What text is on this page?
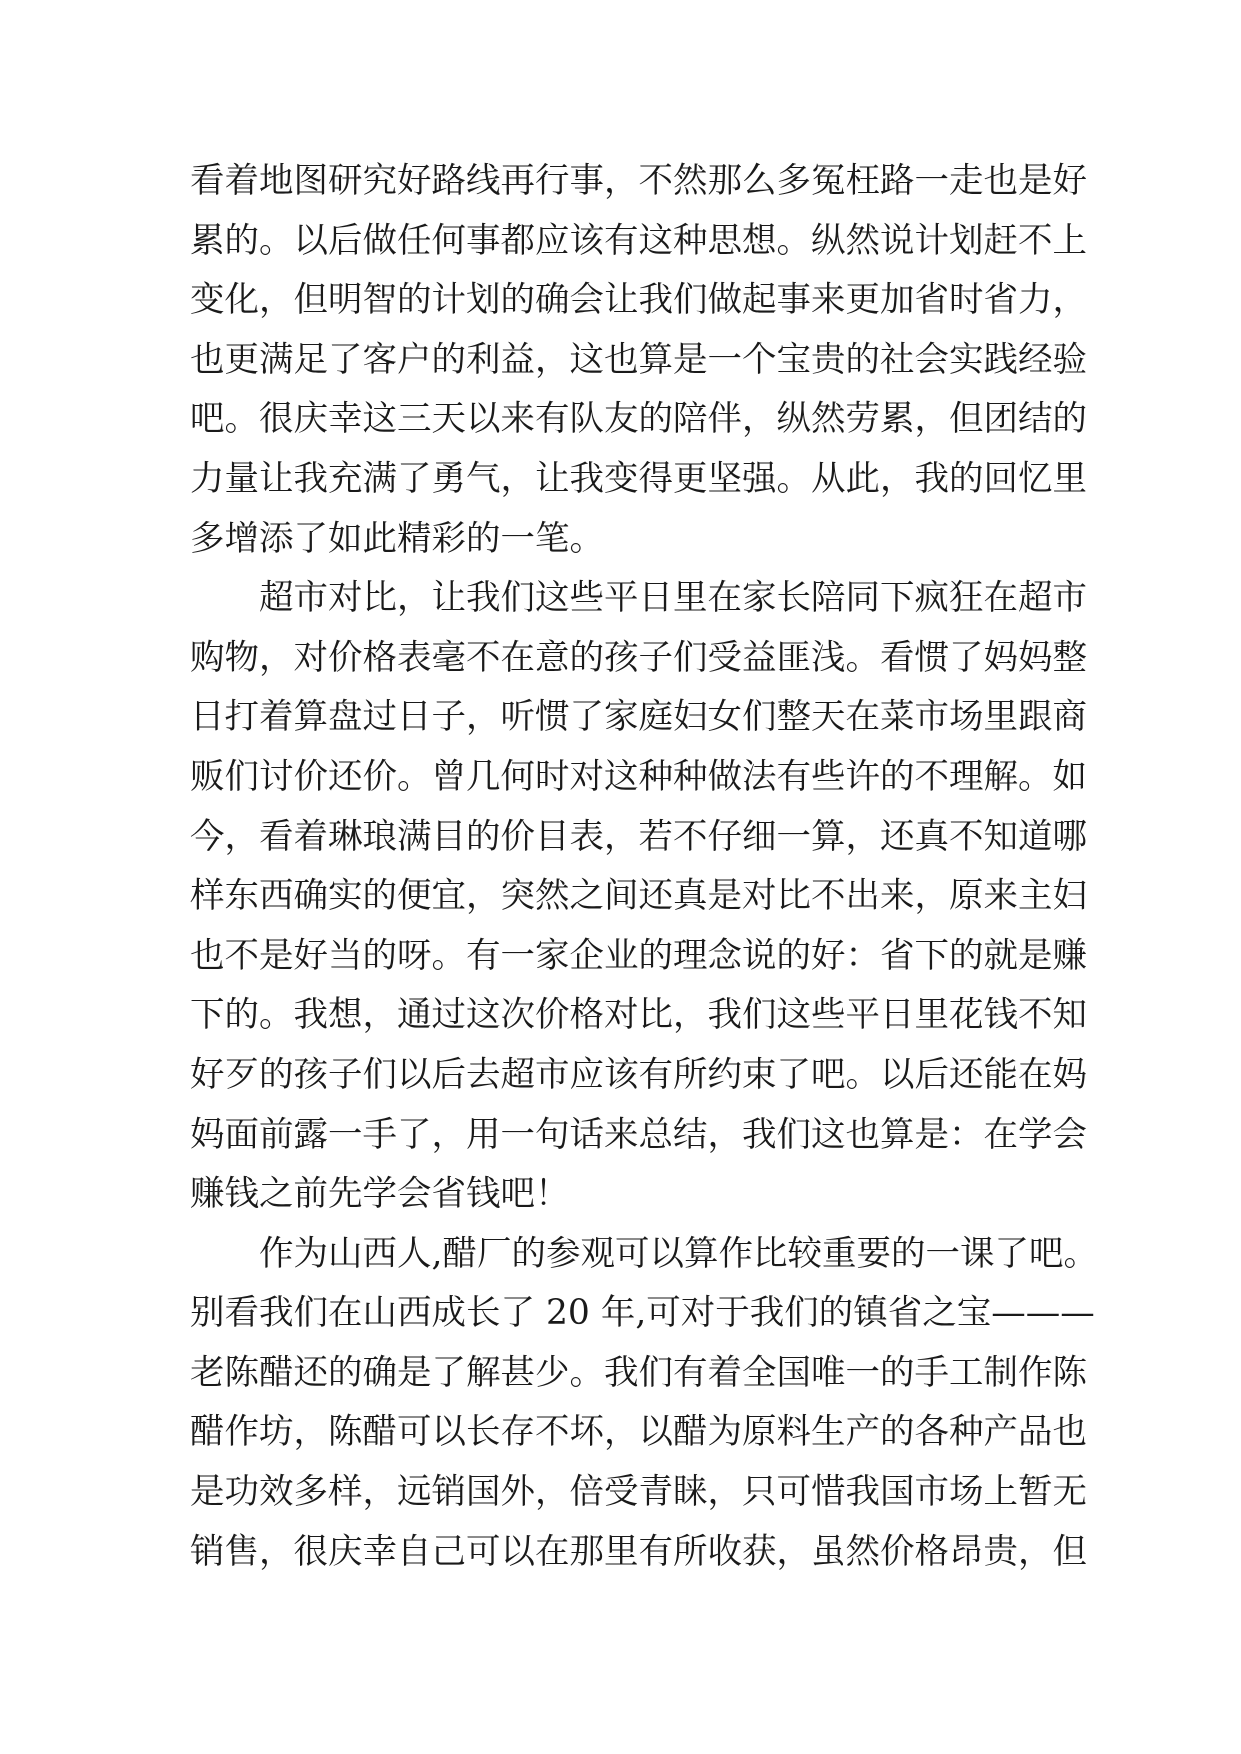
看着地图研究好路线再行事，不然那么多冤枉路一走也是好
累的。以后做任何事都应该有这种思想。纵然说计划赶不上
变化，但明智的计划的确会让我们做起事来更加省时省力，
也更满足了客户的利益，这也算是一个宝贵的社会实践经验
吧。很庆幸这三天以来有队友的陪伴，纵然劳累，但团结的
力量让我充满了勇气，让我变得更坚强。从此，我的回忆里
多增添了如此精彩的一笔。
超市对比，让我们这些平日里在家长陪同下疯狂在超市
购物，对价格表毫不在意的孩子们受益匪浅。看惯了妈妈整
日打着算盘过日子，听惯了家庭妇女们整天在菜市场里跟商
贩们讨价还价。曾几何时对这种种做法有些许的不理解。如
今，看着琳琅满目的价目表，若不仔细一算，还真不知道哪
样东西确实的便宜，突然之间还真是对比不出来，原来主妇
也不是好当的呀。有一家企业的理念说的好：省下的就是赚
下的。我想，通过这次价格对比，我们这些平日里花钱不知
好歹的孩子们以后去超市应该有所约束了吧。以后还能在妈
妈面前露一手了，用一句话来总结，我们这也算是：在学会
赚钱之前先学会省钱吧！
作为山西人,醋厂的参观可以算作比较重要的一课了吧。
别看我们在山西成长了 20 年,可对于我们的镇省之宝———
老陈醋还的确是了解甚少。我们有着全国唯一的手工制作陈
醋作坊，陈醋可以长存不坏，以醋为原料生产的各种产品也
是功效多样，远销国外，倍受青睐，只可惜我国市场上暂无
销售，很庆幸自己可以在那里有所收获，虽然价格昂贵，但
